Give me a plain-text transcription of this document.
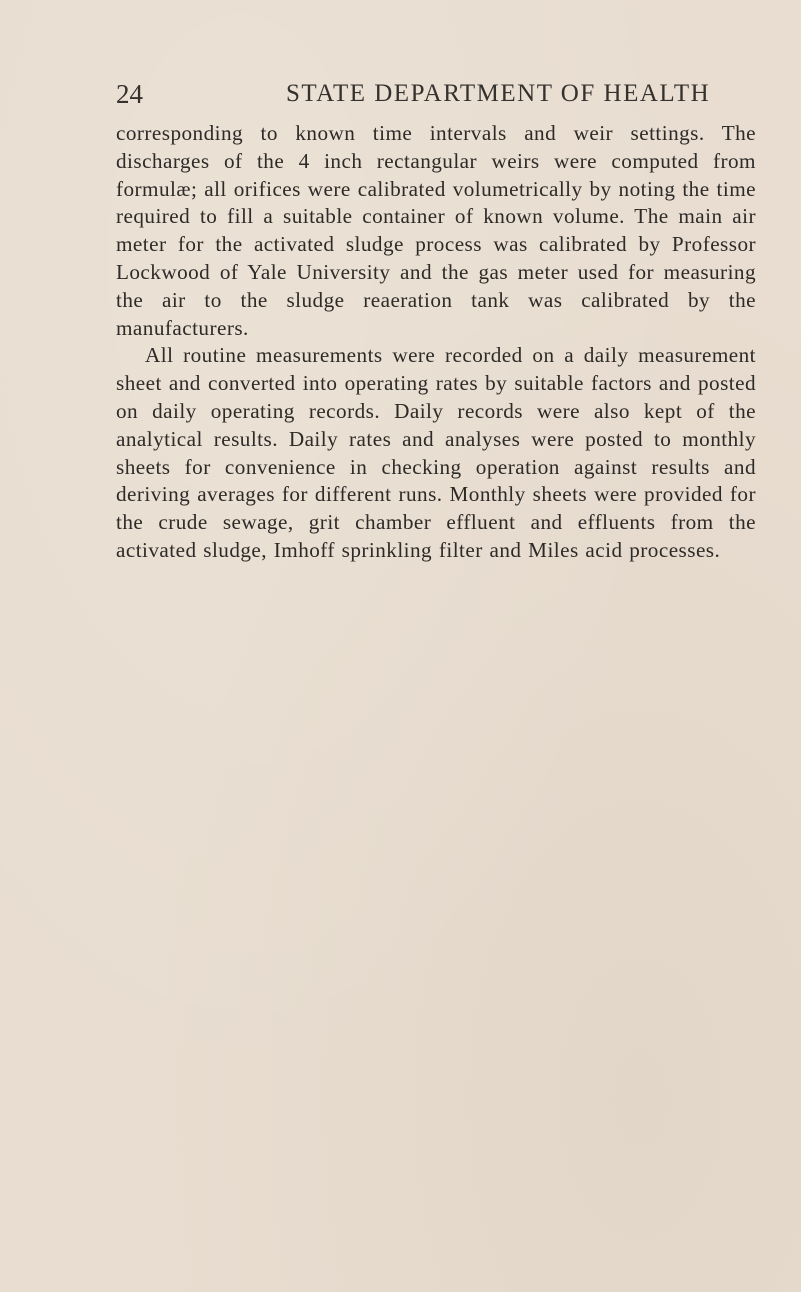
24	STATE DEPARTMENT OF HEALTH

corresponding to known time intervals and weir settings. The discharges of the 4 inch rectangular weirs were computed from formulæ; all orifices were calibrated volumetrically by noting the time required to fill a suitable container of known volume. The main air meter for the activated sludge process was calibrated by Professor Lockwood of Yale University and the gas meter used for measuring the air to the sludge reaeration tank was calibrated by the manufacturers.

All routine measurements were recorded on a daily measurement sheet and converted into operating rates by suitable factors and posted on daily operating records. Daily records were also kept of the analytical results. Daily rates and analyses were posted to monthly sheets for convenience in checking operation against results and deriving averages for different runs. Monthly sheets were provided for the crude sewage, grit chamber effluent and effluents from the activated sludge, Imhoff sprinkling filter and Miles acid processes.
